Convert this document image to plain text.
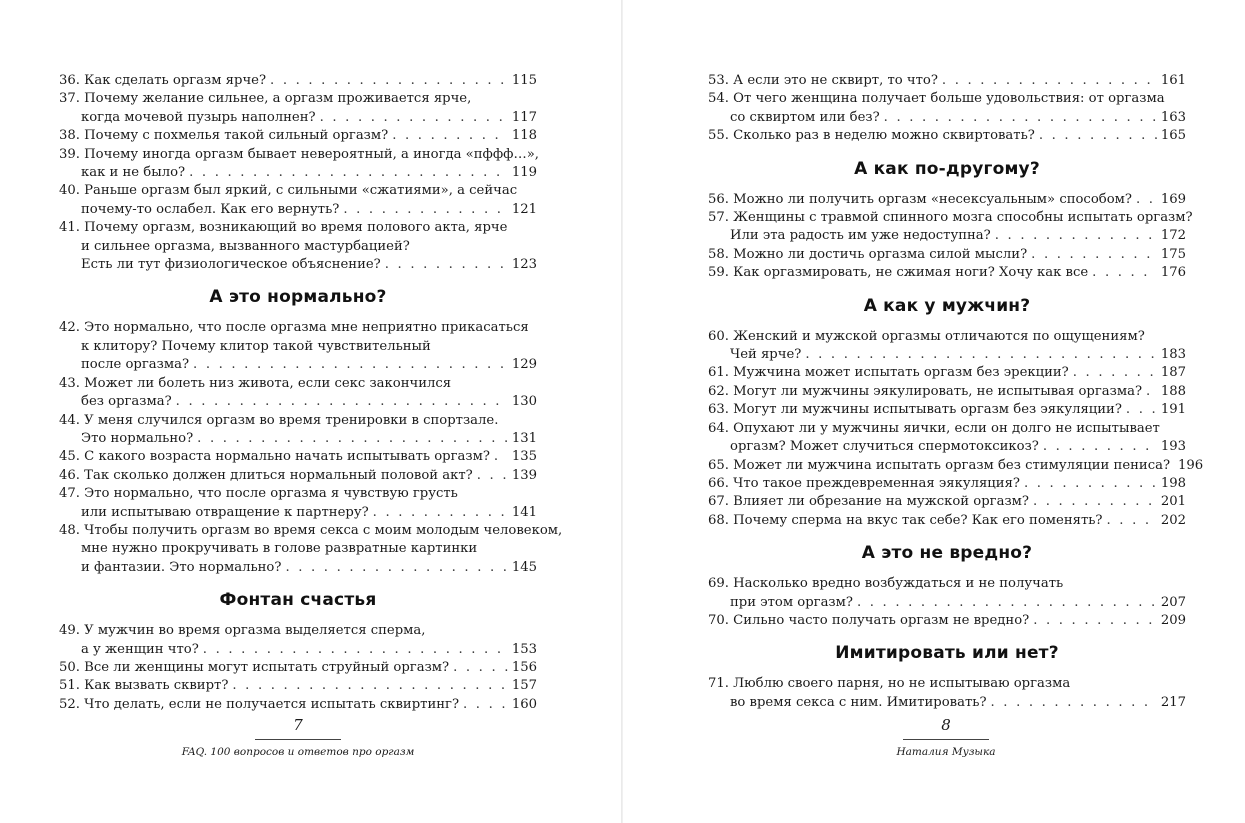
36. Как сделать оргазм ярче? . . .	115
37. Почему желание сильнее, а оргазм проживается ярче,
когда мочевой пузырь наполнен? . . .	117
38. Почему с похмелья такой сильный оргазм? . . .	118
39. Почему иногда оргазм бывает невероятный, а иногда «пффф…»,
как и не было? . . .	119
40. Раньше оргазм был яркий, с сильными «сжатиями», а сейчас
почему-то ослабел. Как его вернуть? . . .	121
41. Почему оргазм, возникающий во время полового акта, ярче
и сильнее оргазма, вызванного мастурбацией?
Есть ли тут физиологическое объяснение? . . .	123
А это нормально?
42. Это нормально, что после оргазма мне неприятно прикасаться
к клитору? Почему клитор такой чувствительный
после оргазма? . . .	129
43. Может ли болеть низ живота, если секс закончился
без оргазма? . . .	130
44. У меня случился оргазм во время тренировки в спортзале.
Это нормально? . . .	131
45. С какого возраста нормально начать испытывать оргазм? . . . 135
46. Так сколько должен длиться нормальный половой акт? . . .	139
47. Это нормально, что после оргазма я чувствую грусть
или испытываю отвращение к партнеру? . . .	141
48. Чтобы получить оргазм во время секса с моим молодым человеком,
мне нужно прокручивать в голове развратные картинки
и фантазии. Это нормально? . . .	145
Фонтан счастья
49. У мужчин во время оргазма выделяется сперма,
а у женщин что? . . .	153
50. Все ли женщины могут испытать струйный оргазм? . . .	156
51. Как вызвать сквирт? . . .	157
52. Что делать, если не получается испытать сквиртинг? . . .	160
7
FAQ. 100 вопросов и ответов про оргазм
53. А если это не сквирт, то что? . . .	161
54. От чего женщина получает больше удовольствия: от оргазма
со сквиртом или без? . . .	163
55. Сколько раз в неделю можно сквиртовать? . . .	165
А как по-другому?
56. Можно ли получить оргазм «несексуальным» способом? . . . 169
57. Женщины с травмой спинного мозга способны испытать оргазм?
Или эта радость им уже недоступна? . . .	172
58. Можно ли достичь оргазма силой мысли? . . .	175
59. Как оргазмировать, не сжимая ноги? Хочу как все . . .	176
А как у мужчин?
60. Женский и мужской оргазмы отличаются по ощущениям?
Чей ярче? . . .	183
61. Мужчина может испытать оргазм без эрекции? . . .	187
62. Могут ли мужчины эякулировать, не испытывая оргазма? . . . 188
63. Могут ли мужчины испытывать оргазм без эякуляции? . . .	191
64. Опухают ли у мужчины яички, если он долго не испытывает
оргазм? Может случиться спермотоксикоз? . . .	193
65. Может ли мужчина испытать оргазм без стимуляции пениса? 196
66. Что такое преждевременная эякуляция? . . .	198
67. Влияет ли обрезание на мужской оргазм? . . .	201
68. Почему сперма на вкус так себе? Как его поменять? . . .	202
А это не вредно?
69. Насколько вредно возбуждаться и не получать
при этом оргазм? . . .	207
70. Сильно часто получать оргазм не вредно? . . .	209
Имитировать или нет?
71. Люблю своего парня, но не испытываю оргазма
во время секса с ним. Имитировать? . . .	217
8
Наталия Музыка
